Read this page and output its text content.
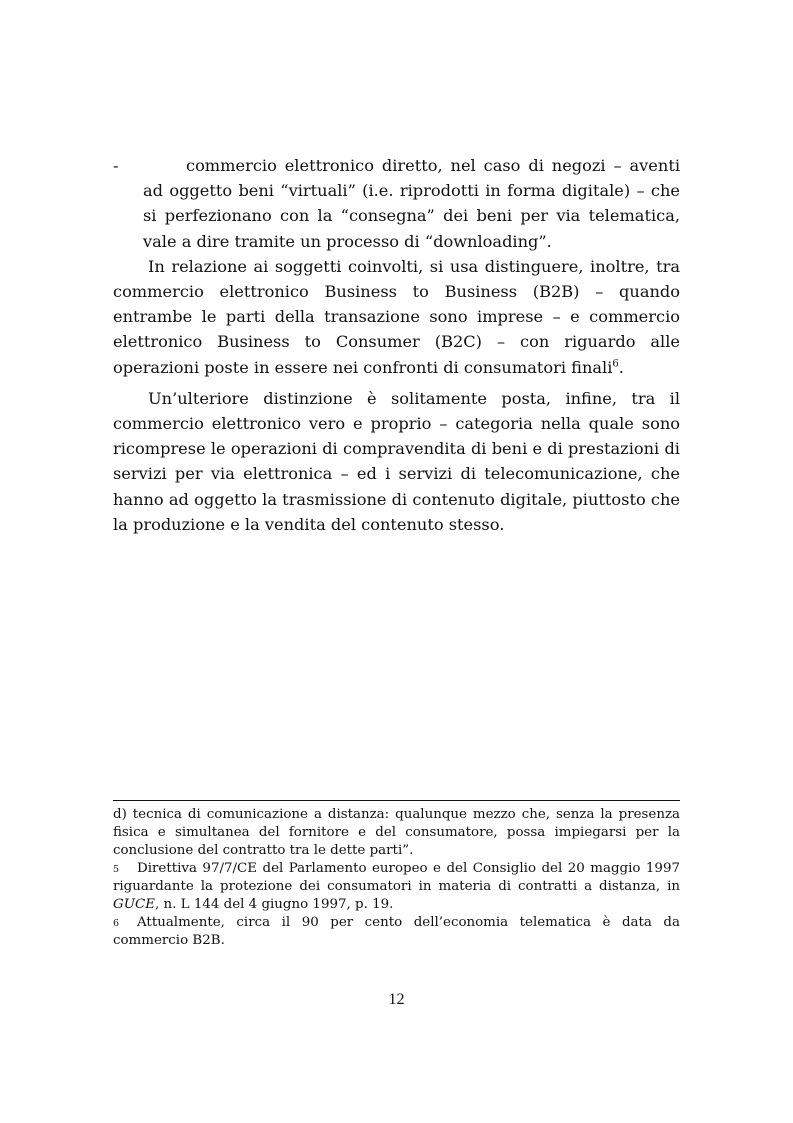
-	commercio elettronico diretto, nel caso di negozi – aventi ad oggetto beni “virtuali” (i.e. riprodotti in forma digitale) – che si perfezionano con la “consegna” dei beni per via telematica, vale a dire tramite un processo di “downloading”.

In relazione ai soggetti coinvolti, si usa distinguere, inoltre, tra commercio elettronico Business to Business (B2B) – quando entrambe le parti della transazione sono imprese – e commercio elettronico Business to Consumer (B2C) – con riguardo alle operazioni poste in essere nei confronti di consumatori finali$^6$.

Un’ulteriore distinzione è solitamente posta, infine, tra il commercio elettronico vero e proprio – categoria nella quale sono ricomprese le operazioni di compravendita di beni e di prestazioni di servizi per via elettronica – ed i servizi di telecomunicazione, che hanno ad oggetto la trasmissione di contenuto digitale, piuttosto che la produzione e la vendita del contenuto stesso.

d) tecnica di comunicazione a distanza: qualunque mezzo che, senza la presenza fisica e simultanea del fornitore e del consumatore, possa impiegarsi per la conclusione del contratto tra le dette parti”.

5 Direttiva 97/7/CE del Parlamento europeo e del Consiglio del 20 maggio 1997 riguardante la protezione dei consumatori in materia di contratti a distanza, in GUCE, n. L 144 del 4 giugno 1997, p. 19.

6 Attualmente, circa il 90 per cento dell’economia telematica è data da commercio B2B.

12
